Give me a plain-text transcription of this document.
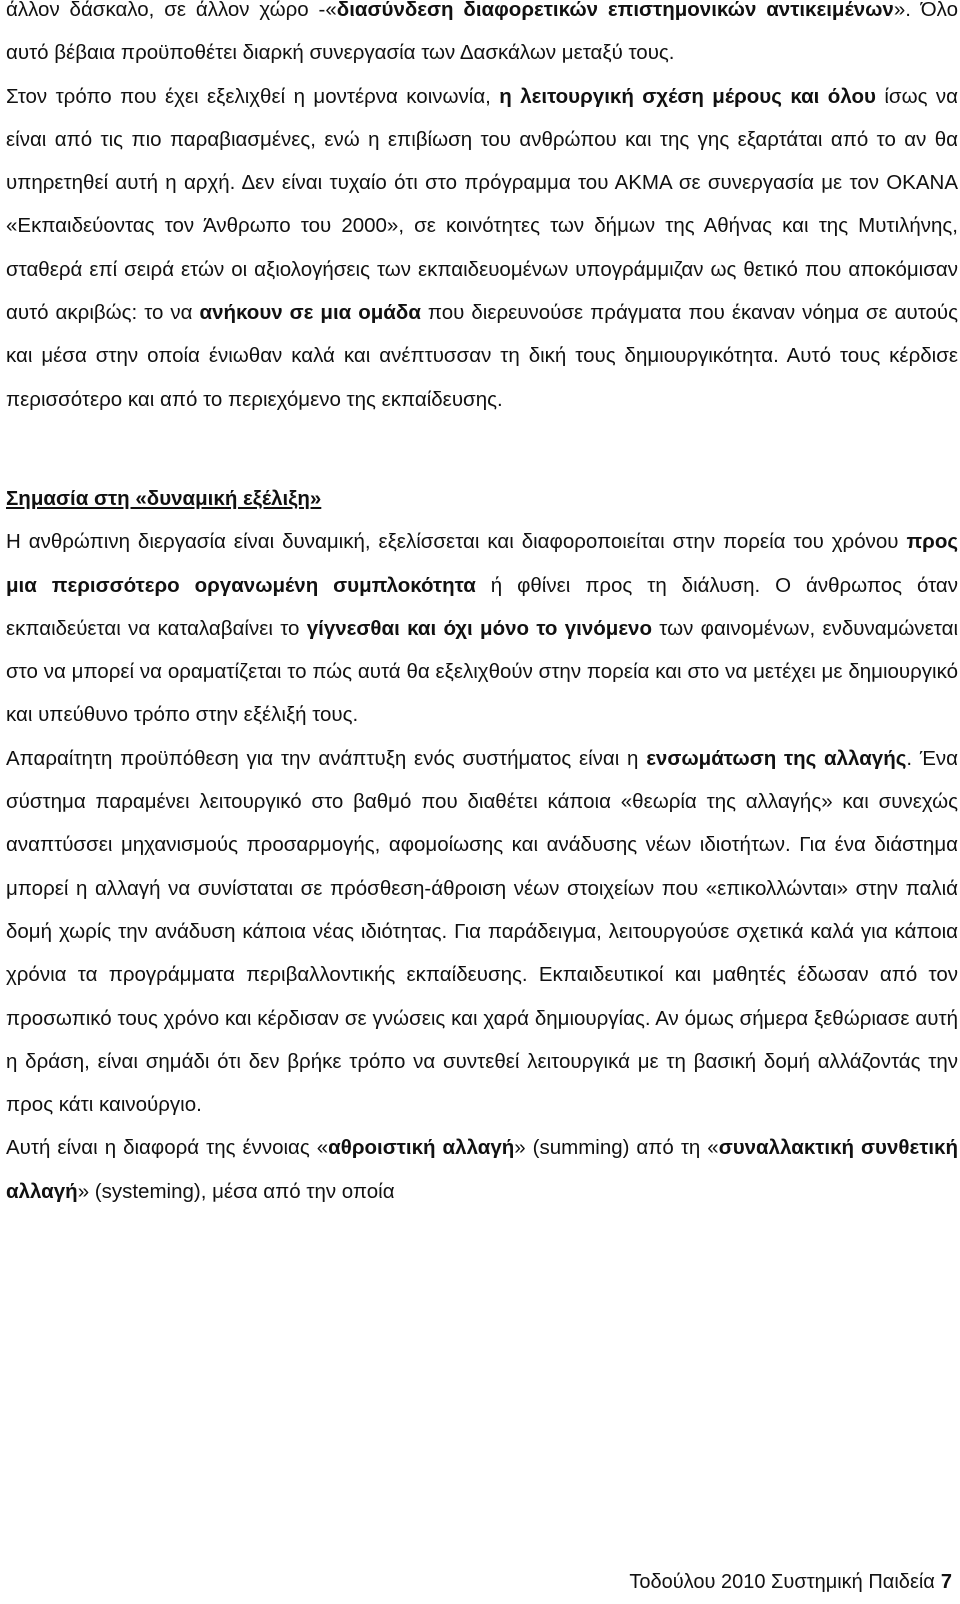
άλλον δάσκαλο, σε άλλον χώρο -«διασύνδεση διαφορετικών επιστημονικών αντικειμένων». Όλο αυτό βέβαια προϋποθέτει διαρκή συνεργασία των Δασκάλων μεταξύ τους.

Στον τρόπο που έχει εξελιχθεί η μοντέρνα κοινωνία, η λειτουργική σχέση μέρους και όλου ίσως να είναι από τις πιο παραβιασμένες, ενώ η επιβίωση του ανθρώπου και της γης εξαρτάται από το αν θα υπηρετηθεί αυτή η αρχή. Δεν είναι τυχαίο ότι στο πρόγραμμα του ΑΚΜΑ σε συνεργασία με τον ΟΚΑΝΑ «Εκπαιδεύοντας τον Άνθρωπο του 2000», σε κοινότητες των δήμων της Αθήνας και της Μυτιλήνης, σταθερά επί σειρά ετών οι αξιολογήσεις των εκπαιδευομένων υπογράμμιζαν ως θετικό που αποκόμισαν αυτό ακριβώς: το να ανήκουν σε μια ομάδα που διερευνούσε πράγματα που έκαναν νόημα σε αυτούς και μέσα στην οποία ένιωθαν καλά και ανέπτυσσαν τη δική τους δημιουργικότητα. Αυτό τους κέρδισε περισσότερο και από το περιεχόμενο της εκπαίδευσης.

Σημασία στη «δυναμική εξέλιξη»

Η ανθρώπινη διεργασία είναι δυναμική, εξελίσσεται και διαφοροποιείται στην πορεία του χρόνου προς μια περισσότερο οργανωμένη συμπλοκότητα ή φθίνει προς τη διάλυση. Ο άνθρωπος όταν εκπαιδεύεται να καταλαβαίνει το γίγνεσθαι και όχι μόνο το γινόμενο των φαινομένων, ενδυναμώνεται στο να μπορεί να οραματίζεται το πώς αυτά θα εξελιχθούν στην πορεία και στο να μετέχει με δημιουργικό και υπεύθυνο τρόπο στην εξέλιξή τους.

Απαραίτητη προϋπόθεση για την ανάπτυξη ενός συστήματος είναι η ενσωμάτωση της αλλαγής. Ένα σύστημα παραμένει λειτουργικό στο βαθμό που διαθέτει κάποια «θεωρία της αλλαγής» και συνεχώς αναπτύσσει μηχανισμούς προσαρμογής, αφομοίωσης και ανάδυσης νέων ιδιοτήτων. Για ένα διάστημα μπορεί η αλλαγή να συνίσταται σε πρόσθεση-άθροιση νέων στοιχείων που «επικολλώνται» στην παλιά δομή χωρίς την ανάδυση κάποια νέας ιδιότητας. Για παράδειγμα, λειτουργούσε σχετικά καλά για κάποια χρόνια τα προγράμματα περιβαλλοντικής εκπαίδευσης. Εκπαιδευτικοί και μαθητές έδωσαν από τον προσωπικό τους χρόνο και κέρδισαν σε γνώσεις και χαρά δημιουργίας. Αν όμως σήμερα ξεθώριασε αυτή η δράση, είναι σημάδι ότι δεν βρήκε τρόπο να συντεθεί λειτουργικά με τη βασική δομή αλλάζοντάς την προς κάτι καινούργιο.

Αυτή είναι η διαφορά της έννοιας «αθροιστική αλλαγή» (summing) από τη «συναλλακτική συνθετική αλλαγή» (systeming), μέσα από την οποία

Τοδούλου 2010 Συστημική Παιδεία 7
